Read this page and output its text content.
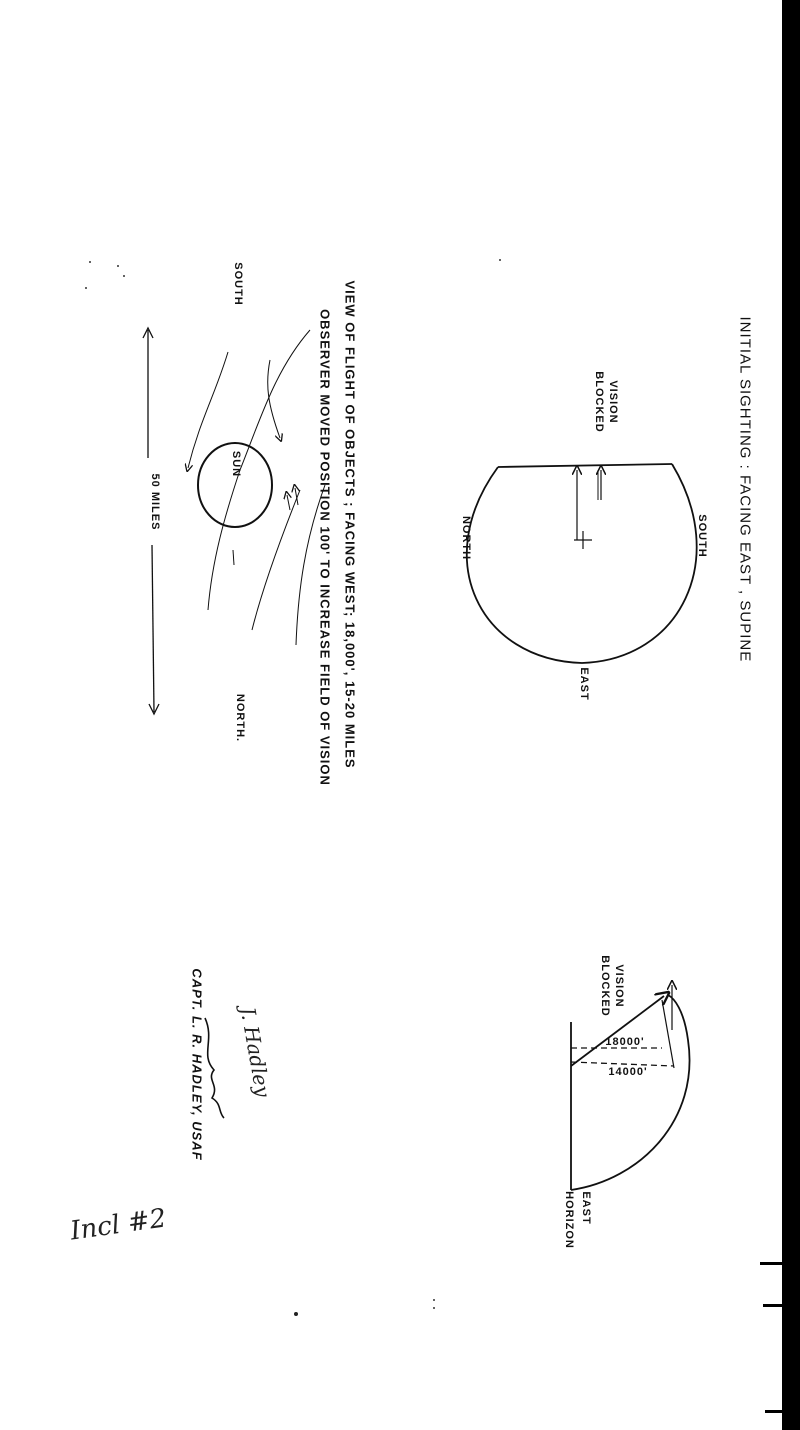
INITIAL SIGHTING : FACING EAST , SUPINE
VISION
BLOCKED
SOUTH
NORTH
EAST
VIEW OF FLIGHT OF OBJECTS ; FACING WEST; 18,000', 15-20 MILES
OBSERVER MOVED POSITION 100' TO INCREASE FIELD OF VISION
SOUTH
NORTH.
SUN
50 MILES
VISION
BLOCKED
18000'
14000'
EAST
HORIZON
CAPT. L. R. HADLEY, USAF J. Hadley
Incl #2
